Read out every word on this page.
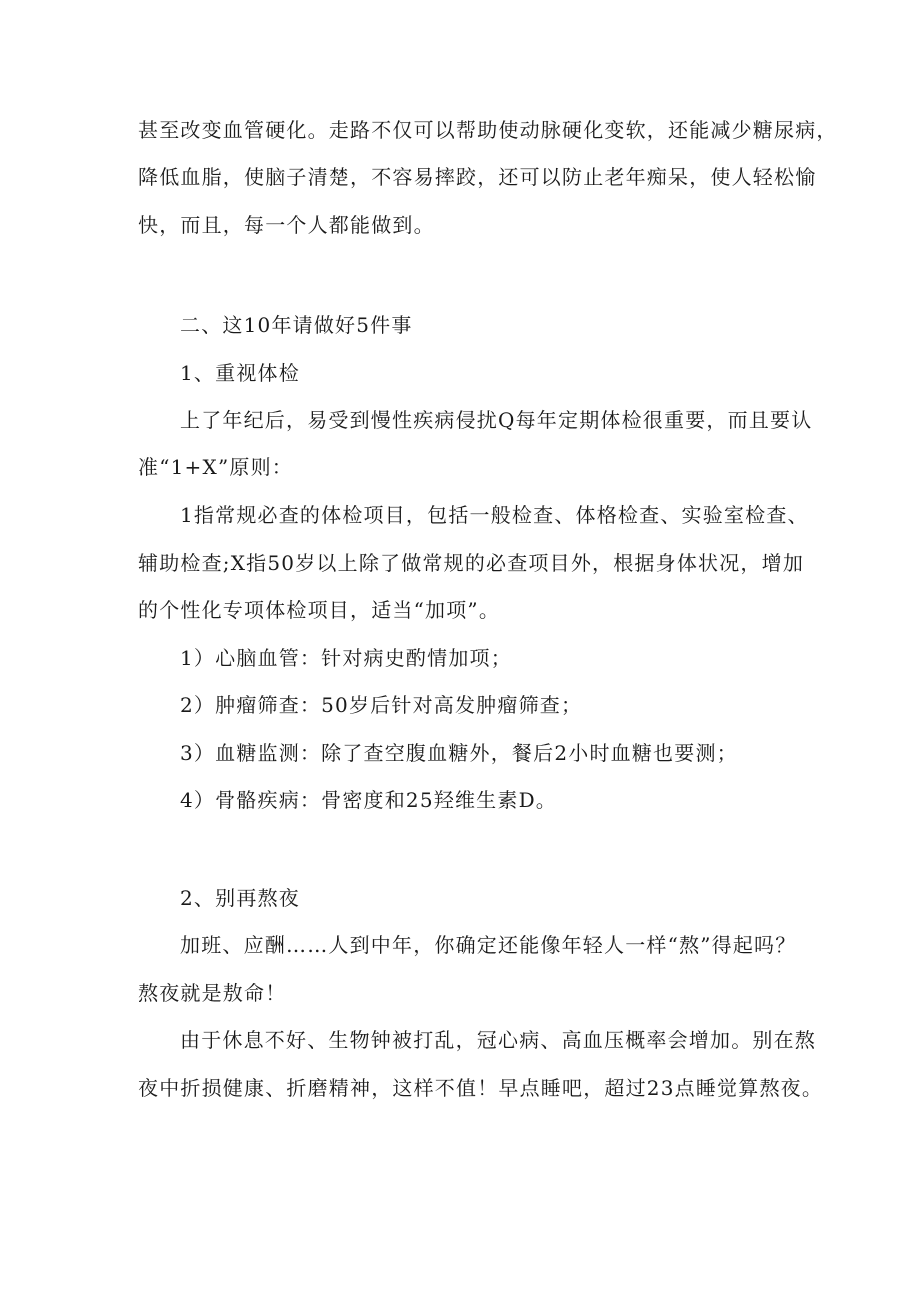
甚至改变血管硬化。走路不仅可以帮助使动脉硬化变软，还能减少糖尿病，
降低血脂，使脑子清楚，不容易摔跤，还可以防止老年痴呆，使人轻松愉
快，而且，每一个人都能做到。
二、这10年请做好5件事
1、重视体检
上了年纪后，易受到慢性疾病侵扰Q每年定期体检很重要，而且要认
准“1+X”原则：
1指常规必查的体检项目，包括一般检查、体格检查、实验室检查、
辅助检查;X指50岁以上除了做常规的必查项目外，根据身体状况，增加
的个性化专项体检项目，适当“加项”。
1）心脑血管：针对病史酌情加项；
2）肿瘤筛查：50岁后针对高发肿瘤筛查；
3）血糖监测：除了查空腹血糖外，餐后2小时血糖也要测；
4）骨骼疾病：骨密度和25羟维生素D。
2、别再熬夜
加班、应酬……人到中年，你确定还能像年轻人一样“熬”得起吗？
熬夜就是敖命！
由于休息不好、生物钟被打乱，冠心病、高血压概率会增加。别在熬
夜中折损健康、折磨精神，这样不值！早点睡吧，超过23点睡觉算熬夜。
